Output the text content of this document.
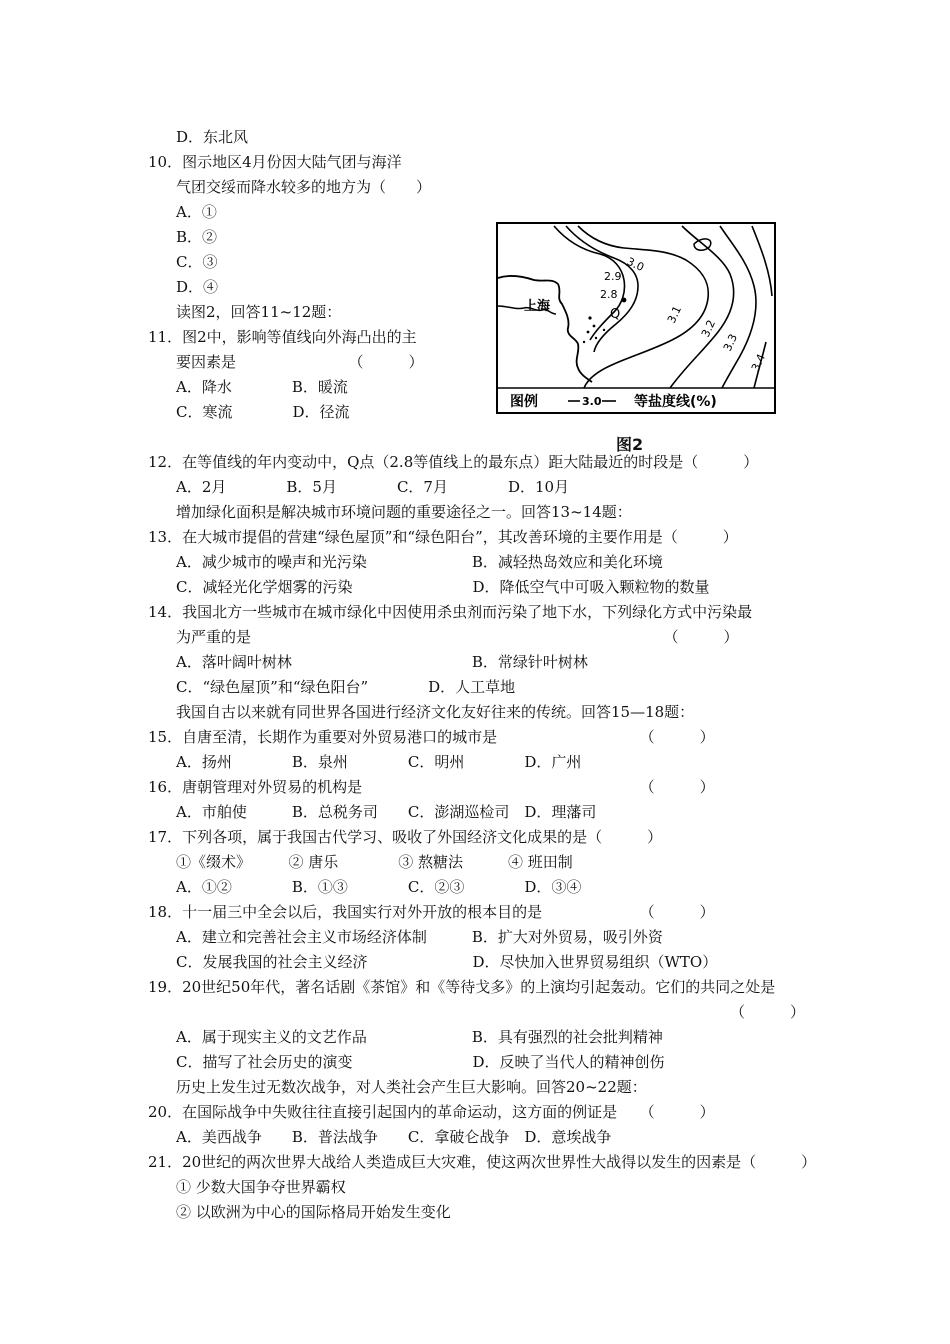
D．东北风
10．图示地区4月份因大陆气团与海洋
气团交绥而降水较多的地方为（　　）
A．①
B．②
C．③
D．④
读图2，回答11~12题：
11．图2中，影响等值线向外海凸出的主
要因素是　　　　　　　　（　　　）
A．降水　　　　B．暖流
C．寒流　　　　D．径流
12．在等值线的年内变动中，Q点（2.8等值线上的最东点）距大陆最近的时段是（　　　）
A．2月　　　　B．5月　　　　C．7月　　　　D．10月
增加绿化面积是解决城市环境问题的重要途径之一。回答13~14题：
13．在大城市提倡的营建“绿色屋顶”和“绿色阳台”，其改善环境的主要作用是（　　　）
A．减少城市的噪声和光污染　　　　　　　B．减轻热岛效应和美化环境
C．减轻光化学烟雾的污染　　　　　　　　D．降低空气中可吸入颗粒物的数量
14．我国北方一些城市在城市绿化中因使用杀虫剂而污染了地下水，下列绿化方式中污染最
为严重的是　　　　　　　　　　　　　　　　　　　　　　　　　　　　（　　　）
A．落叶阔叶树林　　　　　　　　　　　　B．常绿针叶树林
C．“绿色屋顶”和“绿色阳台”　　　　D．人工草地
我国自古以来就有同世界各国进行经济文化友好往来的传统。回答15—18题：
15．自唐至清，长期作为重要对外贸易港口的城市是　　　　　　　　　　（　　　）
A．扬州　　　　B．泉州　　　　C．明州　　　　D．广州
16．唐朝管理对外贸易的机构是　　　　　　　　　　　　　　　　　　　（　　　）
A．市舶使　　　B．总税务司　　C．澎湖巡检司　D．理藩司
17．下列各项，属于我国古代学习、吸收了外国经济文化成果的是（　　　）
①《缀术》　　　② 唐乐　　　　③ 熬糖法　　　④ 班田制
A．①②　　　　B．①③　　　　C．②③　　　　D．③④
18．十一届三中全会以后，我国实行对外开放的根本目的是　　　　　　　（　　　）
A．建立和完善社会主义市场经济体制　　　B．扩大对外贸易，吸引外资
C．发展我国的社会主义经济　　　　　　　D．尽快加入世界贸易组织（WTO）
19．20世纪50年代，著名话剧《茶馆》和《等待戈多》的上演均引起轰动。它们的共同之处是
（　　　）
A．属于现实主义的文艺作品　　　　　　　B．具有强烈的社会批判精神
C．描写了社会历史的演变　　　　　　　　D．反映了当代人的精神创伤
历史上发生过无数次战争，对人类社会产生巨大影响。回答20~22题：
20．在国际战争中失败往往直接引起国内的革命运动，这方面的例证是　　（　　　）
A．美西战争　　B．普法战争　　C．拿破仑战争　D．意埃战争
21．20世纪的两次世界大战给人类造成巨大灾难，使这两次世界性大战得以发生的因素是（　　　）
① 少数大国争夺世界霸权
② 以欧洲为中心的国际格局开始发生变化
上海
Q
3.0
2.9
2.8
3.1
3.2
3.3
3.4
图例	3.0 等盐度线(%)
图2
